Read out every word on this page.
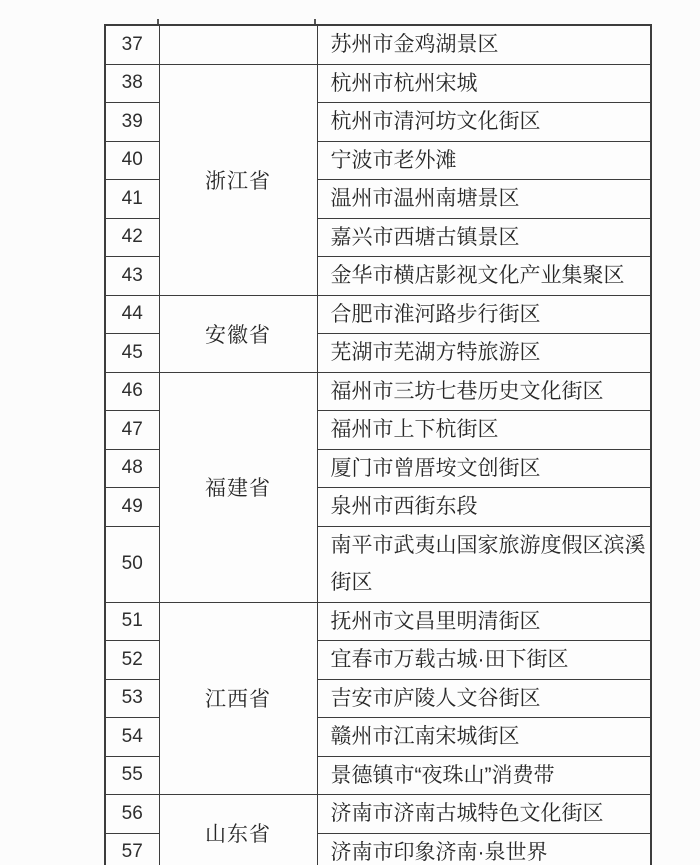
37		苏州市金鸡湖景区
38	浙江省	杭州市杭州宋城
39		杭州市清河坊文化街区
40		宁波市老外滩
41		温州市温州南塘景区
42		嘉兴市西塘古镇景区
43		金华市横店影视文化产业集聚区
44	安徽省	合肥市淮河路步行街区
45		芜湖市芜湖方特旅游区
46	福建省	福州市三坊七巷历史文化街区
47		福州市上下杭街区
48		厦门市曾厝垵文创街区
49		泉州市西街东段
50		南平市武夷山国家旅游度假区滨溪街区
51	江西省	抚州市文昌里明清街区
52		宜春市万载古城·田下街区
53		吉安市庐陵人文谷街区
54		赣州市江南宋城街区
55		景德镇市“夜珠山”消费带
56	山东省	济南市济南古城特色文化街区
57		济南市印象济南·泉世界
